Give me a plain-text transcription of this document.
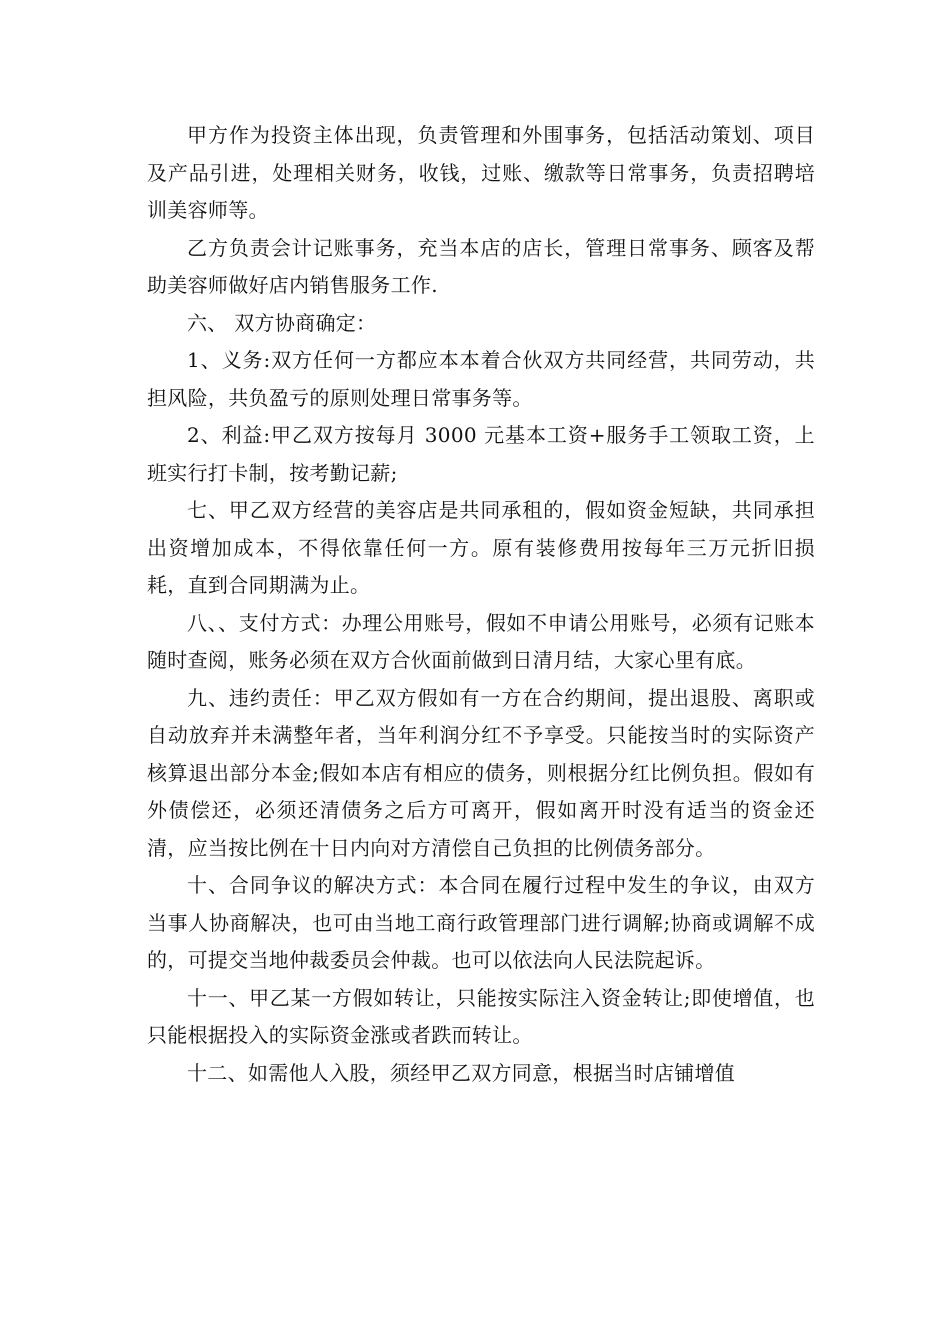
甲方作为投资主体出现，负责管理和外围事务，包括活动策划、项目及产品引进，处理相关财务，收钱，过账、缴款等日常事务，负责招聘培训美容师等。

乙方负责会计记账事务，充当本店的店长，管理日常事务、顾客及帮助美容师做好店内销售服务工作.

六、 双方协商确定：

1、义务:双方任何一方都应本本着合伙双方共同经营，共同劳动，共担风险，共负盈亏的原则处理日常事务等。

2、利益:甲乙双方按每月 3000 元基本工资+服务手工领取工资，上班实行打卡制，按考勤记薪;

七、甲乙双方经营的美容店是共同承租的，假如资金短缺，共同承担出资增加成本，不得依靠任何一方。原有装修费用按每年三万元折旧损耗，直到合同期满为止。

八、、支付方式：办理公用账号，假如不申请公用账号，必须有记账本随时查阅，账务必须在双方合伙面前做到日清月结，大家心里有底。

九、违约责任：甲乙双方假如有一方在合约期间，提出退股、离职或自动放弃并未满整年者，当年利润分红不予享受。只能按当时的实际资产核算退出部分本金;假如本店有相应的债务，则根据分红比例负担。假如有外债偿还，必须还清债务之后方可离开，假如离开时没有适当的资金还清，应当按比例在十日内向对方清偿自己负担的比例债务部分。

十、合同争议的解决方式：本合同在履行过程中发生的争议，由双方当事人协商解决，也可由当地工商行政管理部门进行调解;协商或调解不成的，可提交当地仲裁委员会仲裁。也可以依法向人民法院起诉。

十一、甲乙某一方假如转让，只能按实际注入资金转让;即使增值，也只能根据投入的实际资金涨或者跌而转让。

十二、如需他人入股，须经甲乙双方同意，根据当时店铺增值
